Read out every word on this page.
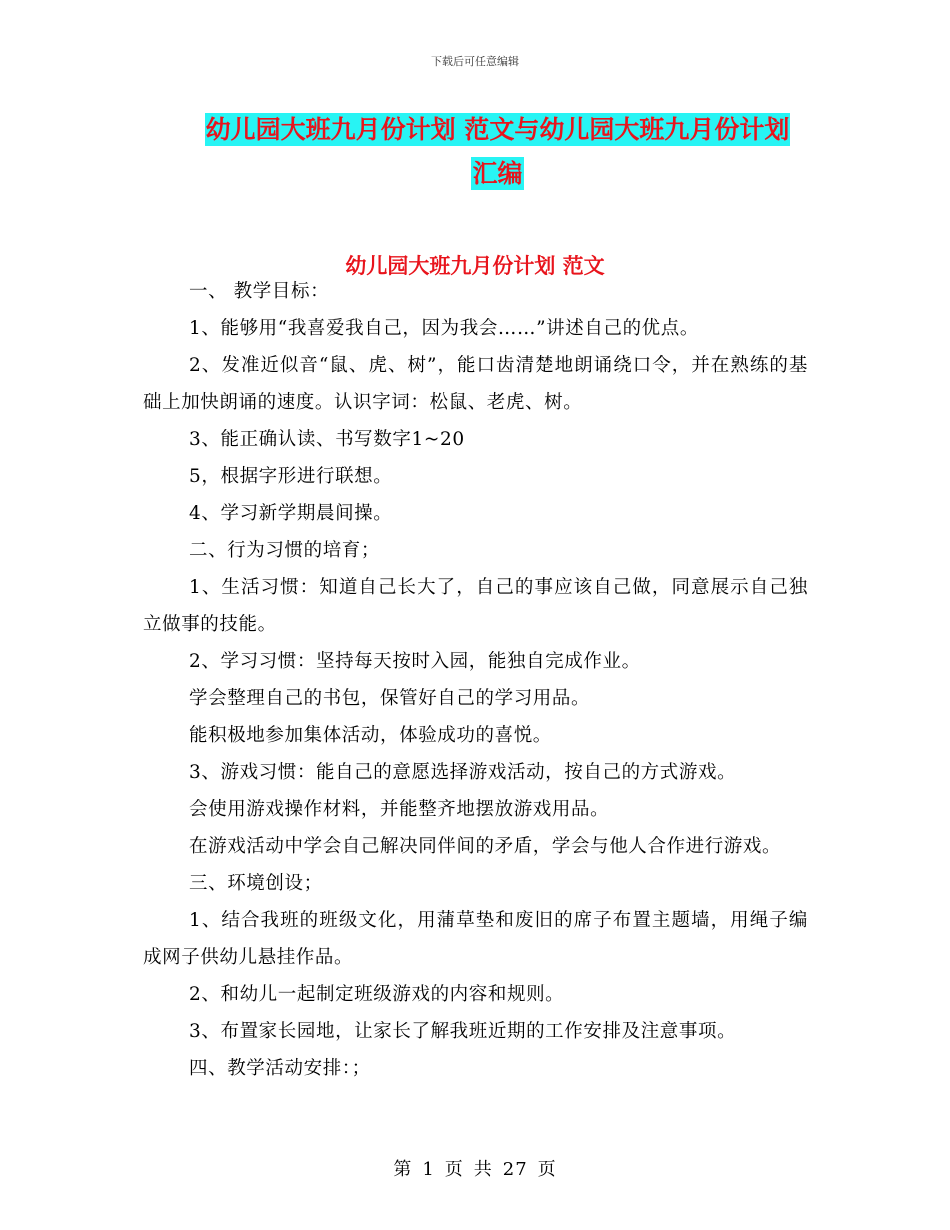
下载后可任意编辑
幼儿园大班九月份计划 范文与幼儿园大班九月份计划
汇编
幼儿园大班九月份计划 范文

一、 教学目标：

1、能够用“我喜爱我自己，因为我会……”讲述自己的优点。

2、发准近似音“鼠、虎、树”，能口齿清楚地朗诵绕口令，并在熟练的基础上加快朗诵的速度。认识字词：松鼠、老虎、树。

3、能正确认读、书写数字1~20

5，根据字形进行联想。

4、学习新学期晨间操。

二、行为习惯的培育；

1、生活习惯：知道自己长大了，自己的事应该自己做，同意展示自己独立做事的技能。

2、学习习惯：坚持每天按时入园，能独自完成作业。

学会整理自己的书包，保管好自己的学习用品。

能积极地参加集体活动，体验成功的喜悦。

3、游戏习惯：能自己的意愿选择游戏活动，按自己的方式游戏。

会使用游戏操作材料，并能整齐地摆放游戏用品。

在游戏活动中学会自己解决同伴间的矛盾，学会与他人合作进行游戏。

三、环境创设；

1、结合我班的班级文化，用蒲草垫和废旧的席子布置主题墙，用绳子编成网子供幼儿悬挂作品。

2、和幼儿一起制定班级游戏的内容和规则。

3、布置家长园地，让家长了解我班近期的工作安排及注意事项。

四、教学活动安排：；

第 1 页 共 27 页
